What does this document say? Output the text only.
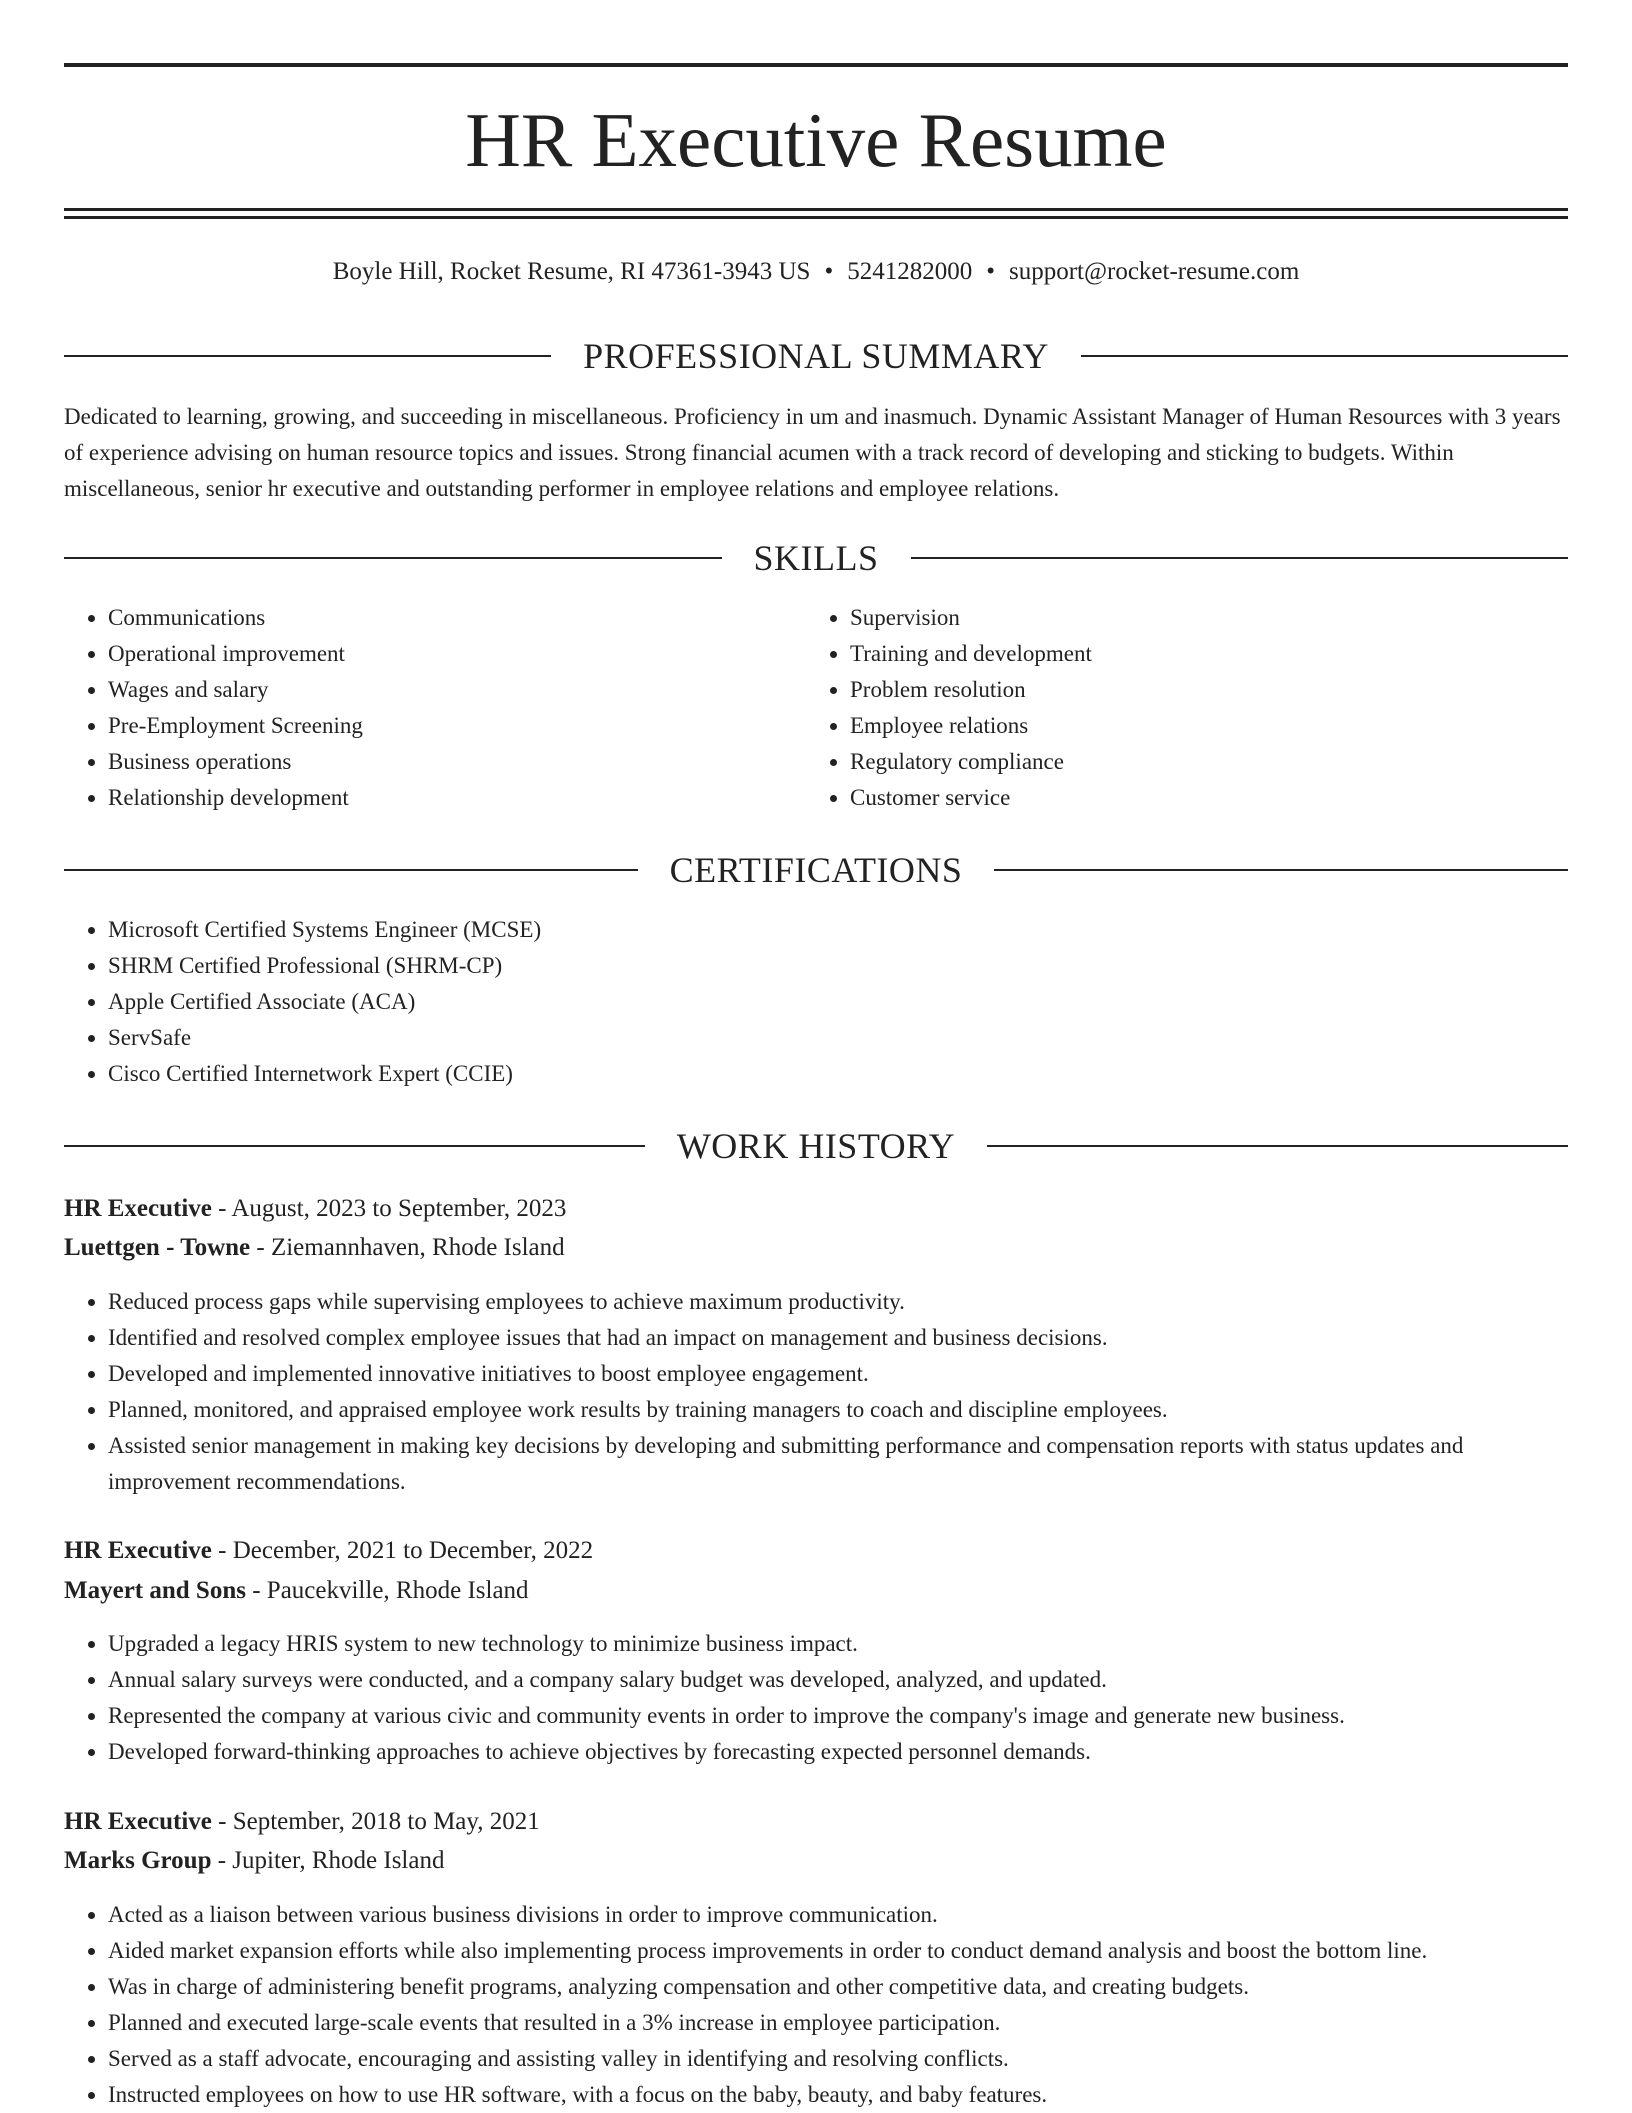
HR Executive Resume
Boyle Hill, Rocket Resume, RI 47361-3943 US • 5241282000 • support@rocket-resume.com
PROFESSIONAL SUMMARY

Dedicated to learning, growing, and succeeding in miscellaneous. Proficiency in um and inasmuch. Dynamic Assistant Manager of Human Resources with 3 years of experience advising on human resource topics and issues. Strong financial acumen with a track record of developing and sticking to budgets. Within miscellaneous, senior hr executive and outstanding performer in employee relations and employee relations.

SKILLS
• Communications
• Operational improvement
• Wages and salary
• Pre-Employment Screening
• Business operations
• Relationship development
• Supervision
• Training and development
• Problem resolution
• Employee relations
• Regulatory compliance
• Customer service
CERTIFICATIONS
• Microsoft Certified Systems Engineer (MCSE)
• SHRM Certified Professional (SHRM-CP)
• Apple Certified Associate (ACA)
• ServSafe
• Cisco Certified Internetwork Expert (CCIE)
WORK HISTORY
HR Executive - August, 2023 to September, 2023
Luettgen - Towne - Ziemannhaven, Rhode Island
• Reduced process gaps while supervising employees to achieve maximum productivity.
• Identified and resolved complex employee issues that had an impact on management and business decisions.
• Developed and implemented innovative initiatives to boost employee engagement.
• Planned, monitored, and appraised employee work results by training managers to coach and discipline employees.
• Assisted senior management in making key decisions by developing and submitting performance and compensation reports with status updates and improvement recommendations.
HR Executive - December, 2021 to December, 2022
Mayert and Sons - Paucekville, Rhode Island
• Upgraded a legacy HRIS system to new technology to minimize business impact.
• Annual salary surveys were conducted, and a company salary budget was developed, analyzed, and updated.
• Represented the company at various civic and community events in order to improve the company's image and generate new business.
• Developed forward-thinking approaches to achieve objectives by forecasting expected personnel demands.
HR Executive - September, 2018 to May, 2021
Marks Group - Jupiter, Rhode Island
• Acted as a liaison between various business divisions in order to improve communication.
• Aided market expansion efforts while also implementing process improvements in order to conduct demand analysis and boost the bottom line.
• Was in charge of administering benefit programs, analyzing compensation and other competitive data, and creating budgets.
• Planned and executed large-scale events that resulted in a 3% increase in employee participation.
• Served as a staff advocate, encouraging and assisting valley in identifying and resolving conflicts.
• Instructed employees on how to use HR software, with a focus on the baby, beauty, and baby features.
